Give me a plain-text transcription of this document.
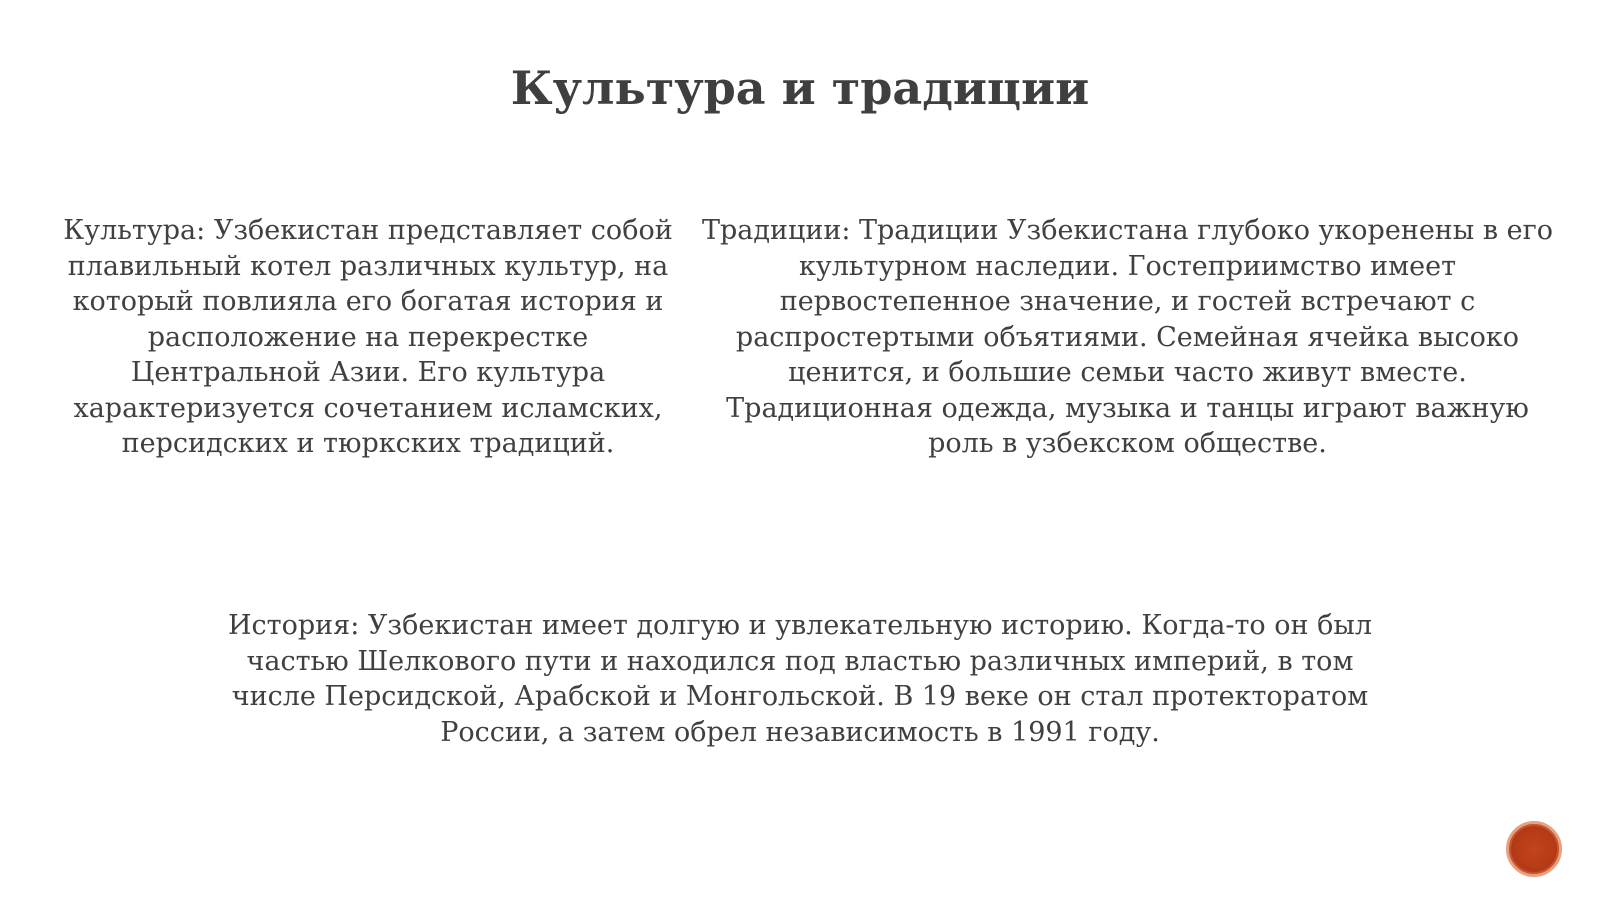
Культура и традиции
Культура: Узбекистан представляет собой плавильный котел различных культур, на который повлияла его богатая история и расположение на перекрестке Центральной Азии. Его культура характеризуется сочетанием исламских, персидских и тюркских традиций.
Традиции: Традиции Узбекистана глубоко укоренены в его культурном наследии. Гостеприимство имеет первостепенное значение, и гостей встречают с распростертыми объятиями. Семейная ячейка высоко ценится, и большие семьи часто живут вместе. Традиционная одежда, музыка и танцы играют важную роль в узбекском обществе.
История: Узбекистан имеет долгую и увлекательную историю. Когда-то он был частью Шелкового пути и находился под властью различных империй, в том числе Персидской, Арабской и Монгольской. В 19 веке он стал протекторатом России, а затем обрел независимость в 1991 году.
